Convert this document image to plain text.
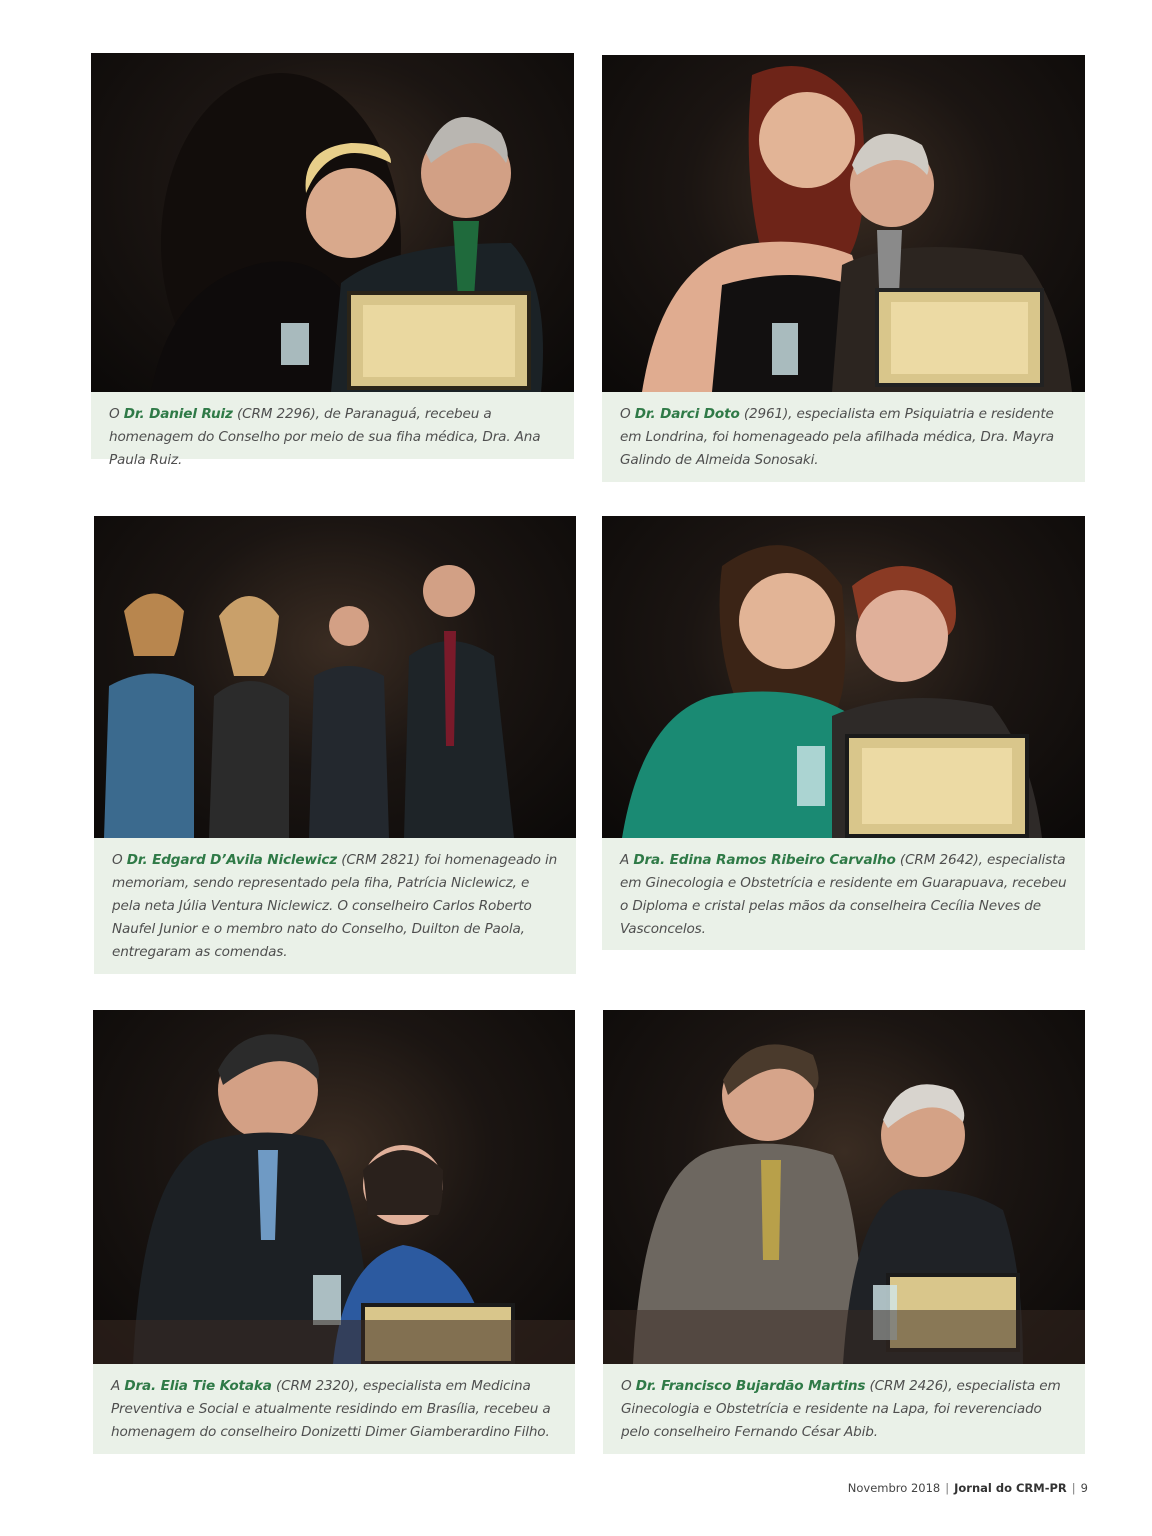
O Dr. Daniel Ruiz (CRM 2296), de Paranaguá, recebeu a homenagem do Conselho por meio de sua fiha médica, Dra. Ana Paula Ruiz.
O Dr. Darci Doto (2961), especialista em Psiquiatria e residente em Londrina, foi homenageado pela afilhada médica, Dra. Mayra Galindo de Almeida Sonosaki.
O Dr. Edgard D’Avila Niclewicz (CRM 2821) foi homenageado in memoriam, sendo representado pela fiha, Patrícia Niclewicz, e pela neta Júlia Ventura Niclewicz. O conselheiro Carlos Roberto Naufel Junior e o membro nato do Conselho, Duilton de Paola, entregaram as comendas.
A Dra. Edina Ramos Ribeiro Carvalho (CRM 2642), especialista em Ginecologia e Obstetrícia e residente em Guarapuava, recebeu o Diploma e cristal pelas mãos da conselheira Cecília Neves de Vasconcelos.
A Dra. Elia Tie Kotaka (CRM 2320), especialista em Medicina Preventiva e Social e atualmente residindo em Brasília, recebeu a homenagem do conselheiro Donizetti Dimer Giamberardino Filho.
O Dr. Francisco Bujardão Martins (CRM 2426), especialista em Ginecologia e Obstetrícia e residente na Lapa, foi reverenciado pelo conselheiro Fernando César Abib.
Novembro 2018 | Jornal do CRM-PR | 9
